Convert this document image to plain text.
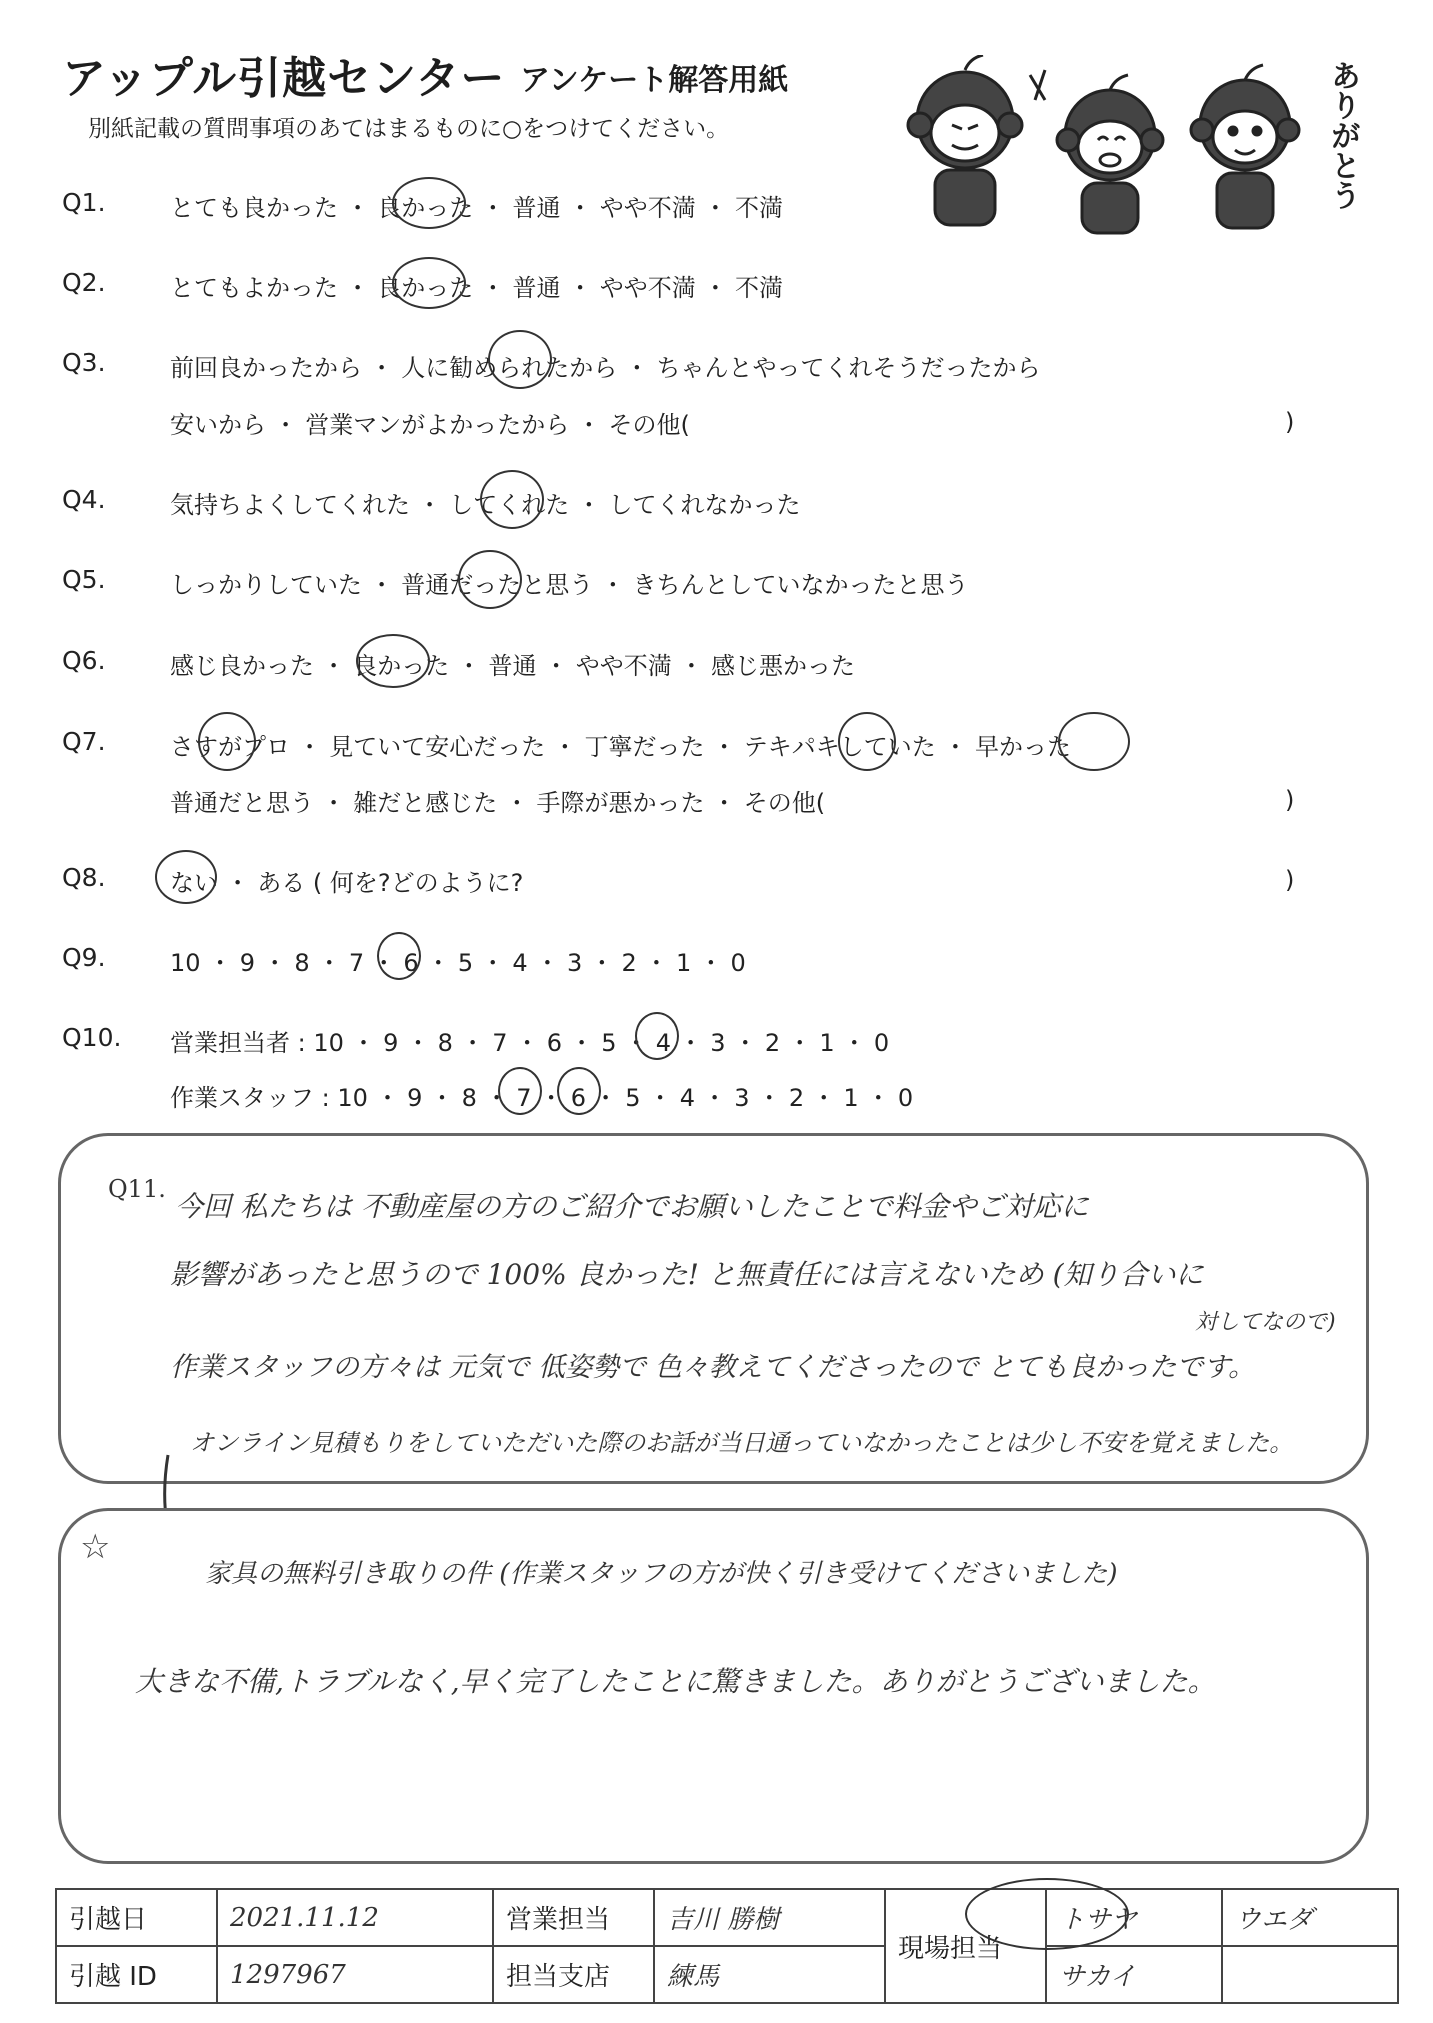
アップル引越センター アンケート解答用紙
別紙記載の質問事項のあてはまるものに○をつけてください。	ありがとう
Q1.	とても良かった ・ 良かった ・ 普通 ・ やや不満 ・ 不満
Q2.	とてもよかった ・ 良かった ・ 普通 ・ やや不満 ・ 不満
Q3.	前回良かったから ・ 人に勧められたから ・ ちゃんとやってくれそうだったから
安いから ・ 営業マンがよかったから ・ その他(	)
Q4.	気持ちよくしてくれた ・ してくれた ・ してくれなかった
Q5.	しっかりしていた ・ 普通だったと思う ・ きちんとしていなかったと思う
Q6.	感じ良かった ・ 良かった ・ 普通 ・ やや不満 ・ 感じ悪かった
Q7.	さすがプロ ・ 見ていて安心だった ・ 丁寧だった ・ テキパキしていた ・ 早かった
普通だと思う ・ 雑だと感じた ・ 手際が悪かった ・ その他(	)
Q8.	ない ・ ある ( 何を?どのように?	)
Q9.	10 ・ 9 ・ 8 ・ 7 ・ 6 ・ 5 ・ 4 ・ 3 ・ 2 ・ 1 ・ 0
Q10. 営業担当者 : 10 ・ 9 ・ 8 ・ 7 ・ 6 ・ 5 ・ 4 ・ 3 ・ 2 ・ 1 ・ 0
作業スタッフ : 10 ・ 9 ・ 8 ・ 7 ・ 6 ・ 5 ・ 4 ・ 3 ・ 2 ・ 1 ・ 0
Q11.
今回 私たちは 不動産屋の方のご紹介でお願いしたことで料金やご対応に
影響があったと思うので 100% 良かった! と無責任には言えないため (知り合いに
対してなので)
作業スタッフの方々は 元気で 低姿勢で 色々教えてくださったので とても良かったです。
オンライン見積もりをしていただいた際のお話が当日通っていなかったことは少し不安を覚えました。
☆
家具の無料引き取りの件 (作業スタッフの方が快く引き受けてくださいました)
大きな不備,トラブルなく,早く完了したことに驚きました。ありがとうございました。
引越日	2021.11.12	営業担当	吉川 勝樹	現場担当	トサヤ	ウエダ
引越 ID	1297967	担当支店	練馬		サカイ	
